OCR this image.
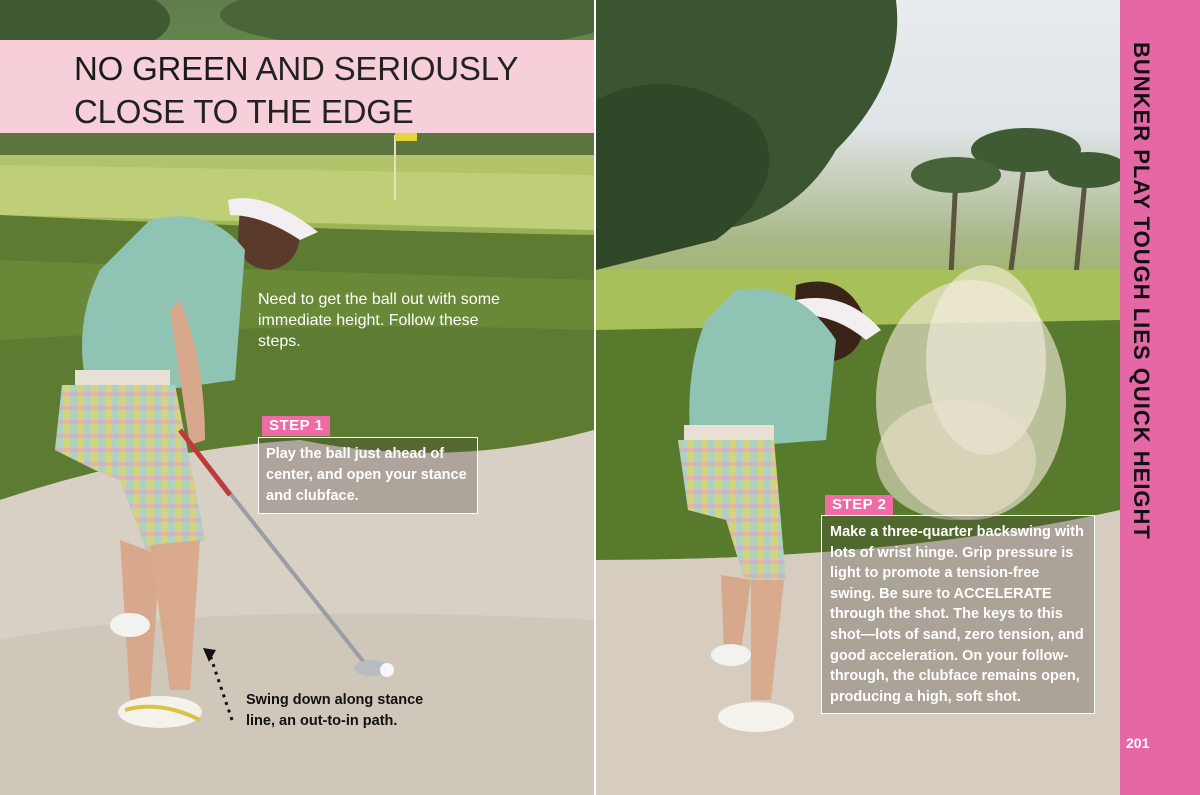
NO GREEN AND SERIOUSLY CLOSE TO THE EDGE
Need to get the ball out with some immediate height. Follow these steps.
STEP 1
Play the ball just ahead of center, and open your stance and clubface.
Swing down along stance line, an out-to-in path.
STEP 2
Make a three-quarter backswing with lots of wrist hinge. Grip pressure is light to promote a tension-free swing. Be sure to ACCELERATE through the shot. The keys to this shot—lots of sand, zero tension, and good acceleration. On your follow-through, the clubface remains open, producing a high, soft shot.
BUNKER PLAY TOUGH LIES QUICK HEIGHT
201
